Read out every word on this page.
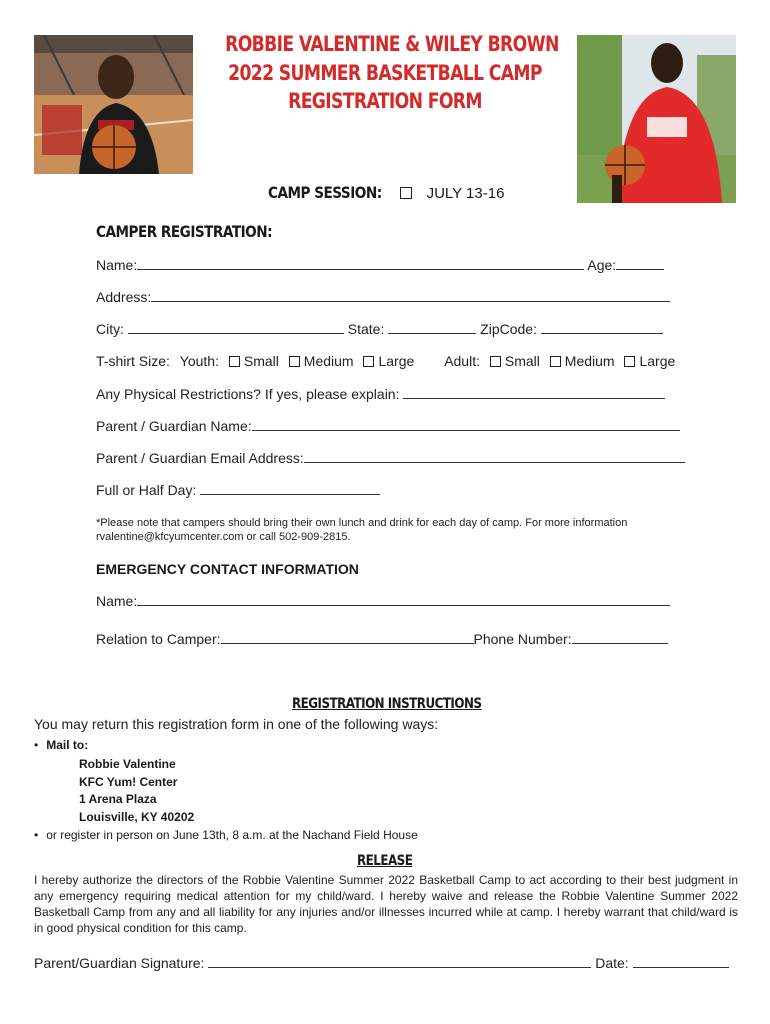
ROBBIE VALENTINE & WILEY BROWN
2022 SUMMER BASKETBALL CAMP
REGISTRATION FORM
CAMP SESSION:	JULY 13-16
CAMPER REGISTRATION:
Name:	Age:
Address:
City:	State:	ZipCode:
T-shirt Size: Youth: Small Medium Large Adult: Small Medium Large
Any Physical Restrictions? If yes, please explain:
Parent / Guardian Name:
Parent / Guardian Email Address:
Full or Half Day:
*Please note that campers should bring their own lunch and drink for each day of camp. For more information
rvalentine@kfcyumcenter.com or call 502-909-2815.
EMERGENCY CONTACT INFORMATION
Name:
Relation to Camper:	Phone Number:
REGISTRATION INSTRUCTIONS
You may return this registration form in one of the following ways:
• Mail to:
Robbie Valentine
KFC Yum! Center
1 Arena Plaza
Louisville, KY 40202
• or register in person on June 13th, 8 a.m. at the Nachand Field House
RELEASE
I hereby authorize the directors of the Robbie Valentine Summer 2022 Basketball Camp to act according to their best judgment in any emergency requiring medical attention for my child/ward. I hereby waive and release the Robbie Valentine Summer 2022 Basketball Camp from any and all liability for any injuries and/or illnesses incurred while at camp. I hereby warrant that child/ward is in good physical condition for this camp.
Parent/Guardian Signature:	Date:
